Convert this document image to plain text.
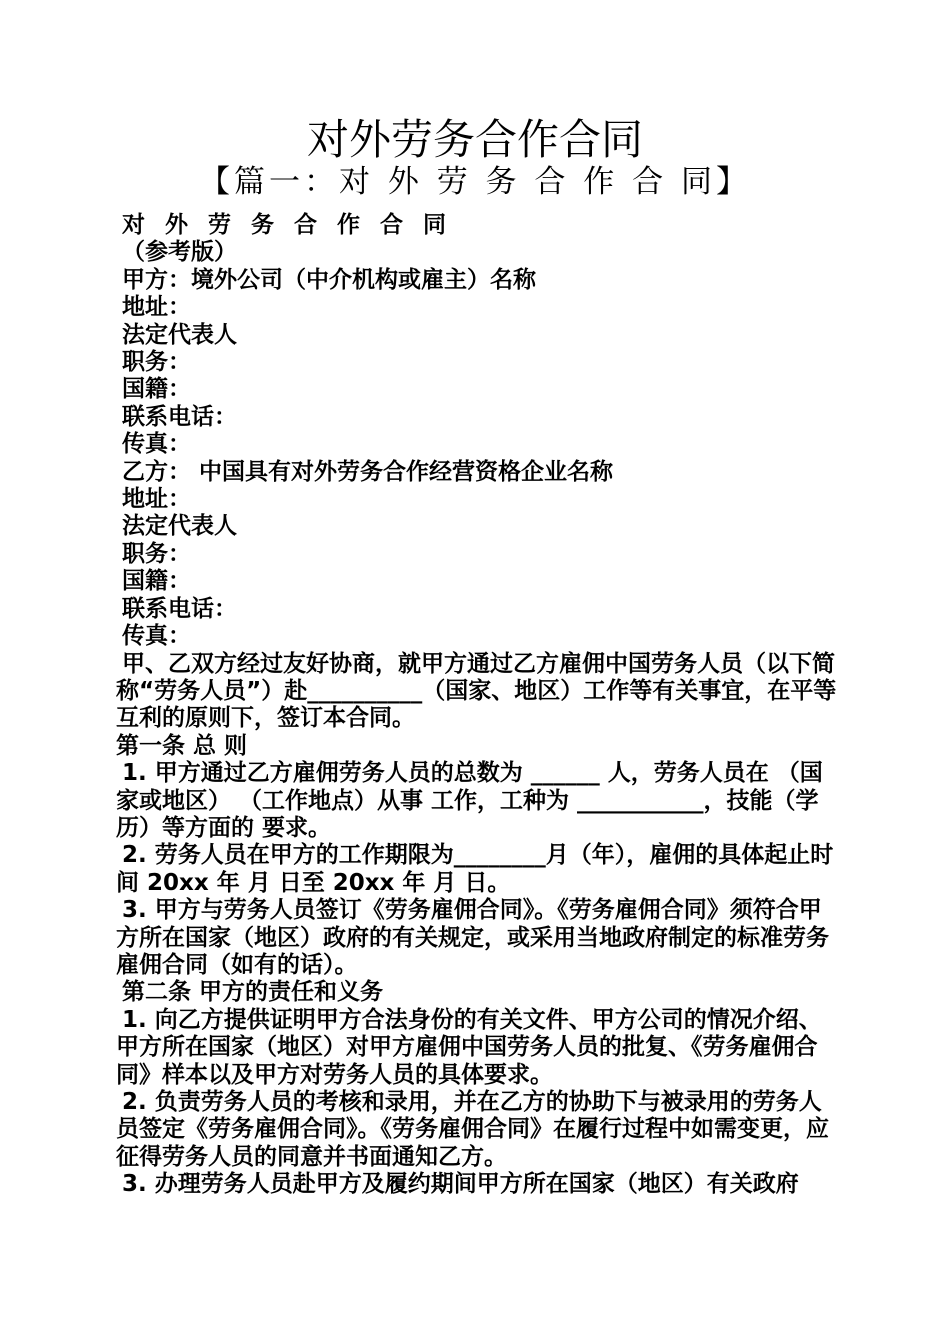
对外劳务合作合同
【篇一：对 外 劳 务 合 作 合 同】

对 外 劳 务 合 作 合 同

（参考版）

甲方：境外公司（中介机构或雇主）名称

地址：

法定代表人

职务：

国籍：

联系电话：

传真：

乙方： 中国具有对外劳务合作经营资格企业名称

地址：

法定代表人

职务：

国籍：

联系电话：

传真：

甲、乙双方经过友好协商，就甲方通过乙方雇佣中国劳务人员（以下简称“劳务人员”）赴__________（国家、地区）工作等有关事宜，在平等互利的原则下，签订本合同。

第一条 总 则

1. 甲方通过乙方雇佣劳务人员的总数为 ______ 人，劳务人员在 （国家或地区） （工作地点）从事 工作，工种为 ___________，技能（学历）等方面的 要求。

2. 劳务人员在甲方的工作期限为________月（年），雇佣的具体起止时间 20xx 年 月 日至 20xx 年 月 日。

3. 甲方与劳务人员签订《劳务雇佣合同》。《劳务雇佣合同》须符合甲方所在国家（地区）政府的有关规定，或采用当地政府制定的标准劳务雇佣合同（如有的话）。

第二条 甲方的责任和义务

1. 向乙方提供证明甲方合法身份的有关文件、甲方公司的情况介绍、甲方所在国家（地区）对甲方雇佣中国劳务人员的批复、《劳务雇佣合同》样本以及甲方对劳务人员的具体要求。

2. 负责劳务人员的考核和录用，并在乙方的协助下与被录用的劳务人员签定《劳务雇佣合同》。《劳务雇佣合同》在履行过程中如需变更，应征得劳务人员的同意并书面通知乙方。

3. 办理劳务人员赴甲方及履约期间甲方所在国家（地区）有关政府
